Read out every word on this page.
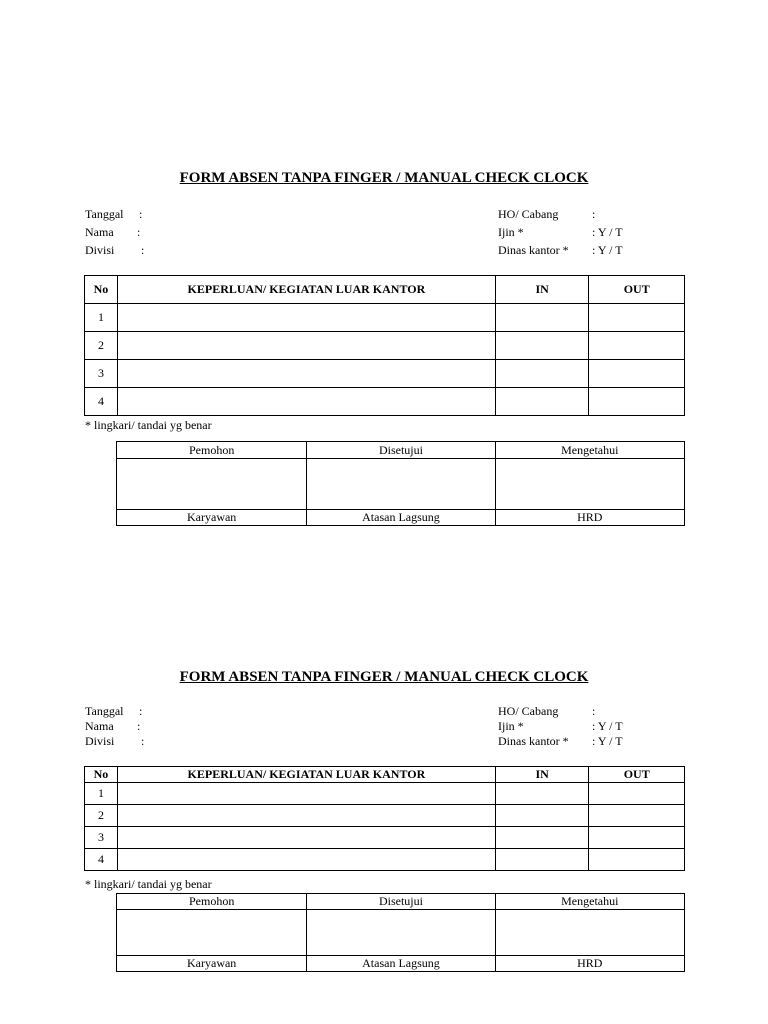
FORM ABSEN TANPA FINGER / MANUAL CHECK CLOCK
Tanggal :
Nama :
Divisi :
HO/ Cabang	:
Ijin *	: Y / T
Dinas kantor * : Y / T
No	KEPERLUAN/ KEGIATAN LUAR KANTOR	IN	OUT
1			
2			
3			
4			
* lingkari/ tandai yg benar
Pemohon	Disetujui	Mengetahui

Karyawan	Atasan Lagsung	HRD
FORM ABSEN TANPA FINGER / MANUAL CHECK CLOCK
Tanggal :
Nama :
Divisi :
HO/ Cabang	:
Ijin *	: Y / T
Dinas kantor * : Y / T
No	KEPERLUAN/ KEGIATAN LUAR KANTOR	IN	OUT
1			
2			
3			
4			
* lingkari/ tandai yg benar
Pemohon	Disetujui	Mengetahui

Karyawan	Atasan Lagsung	HRD
